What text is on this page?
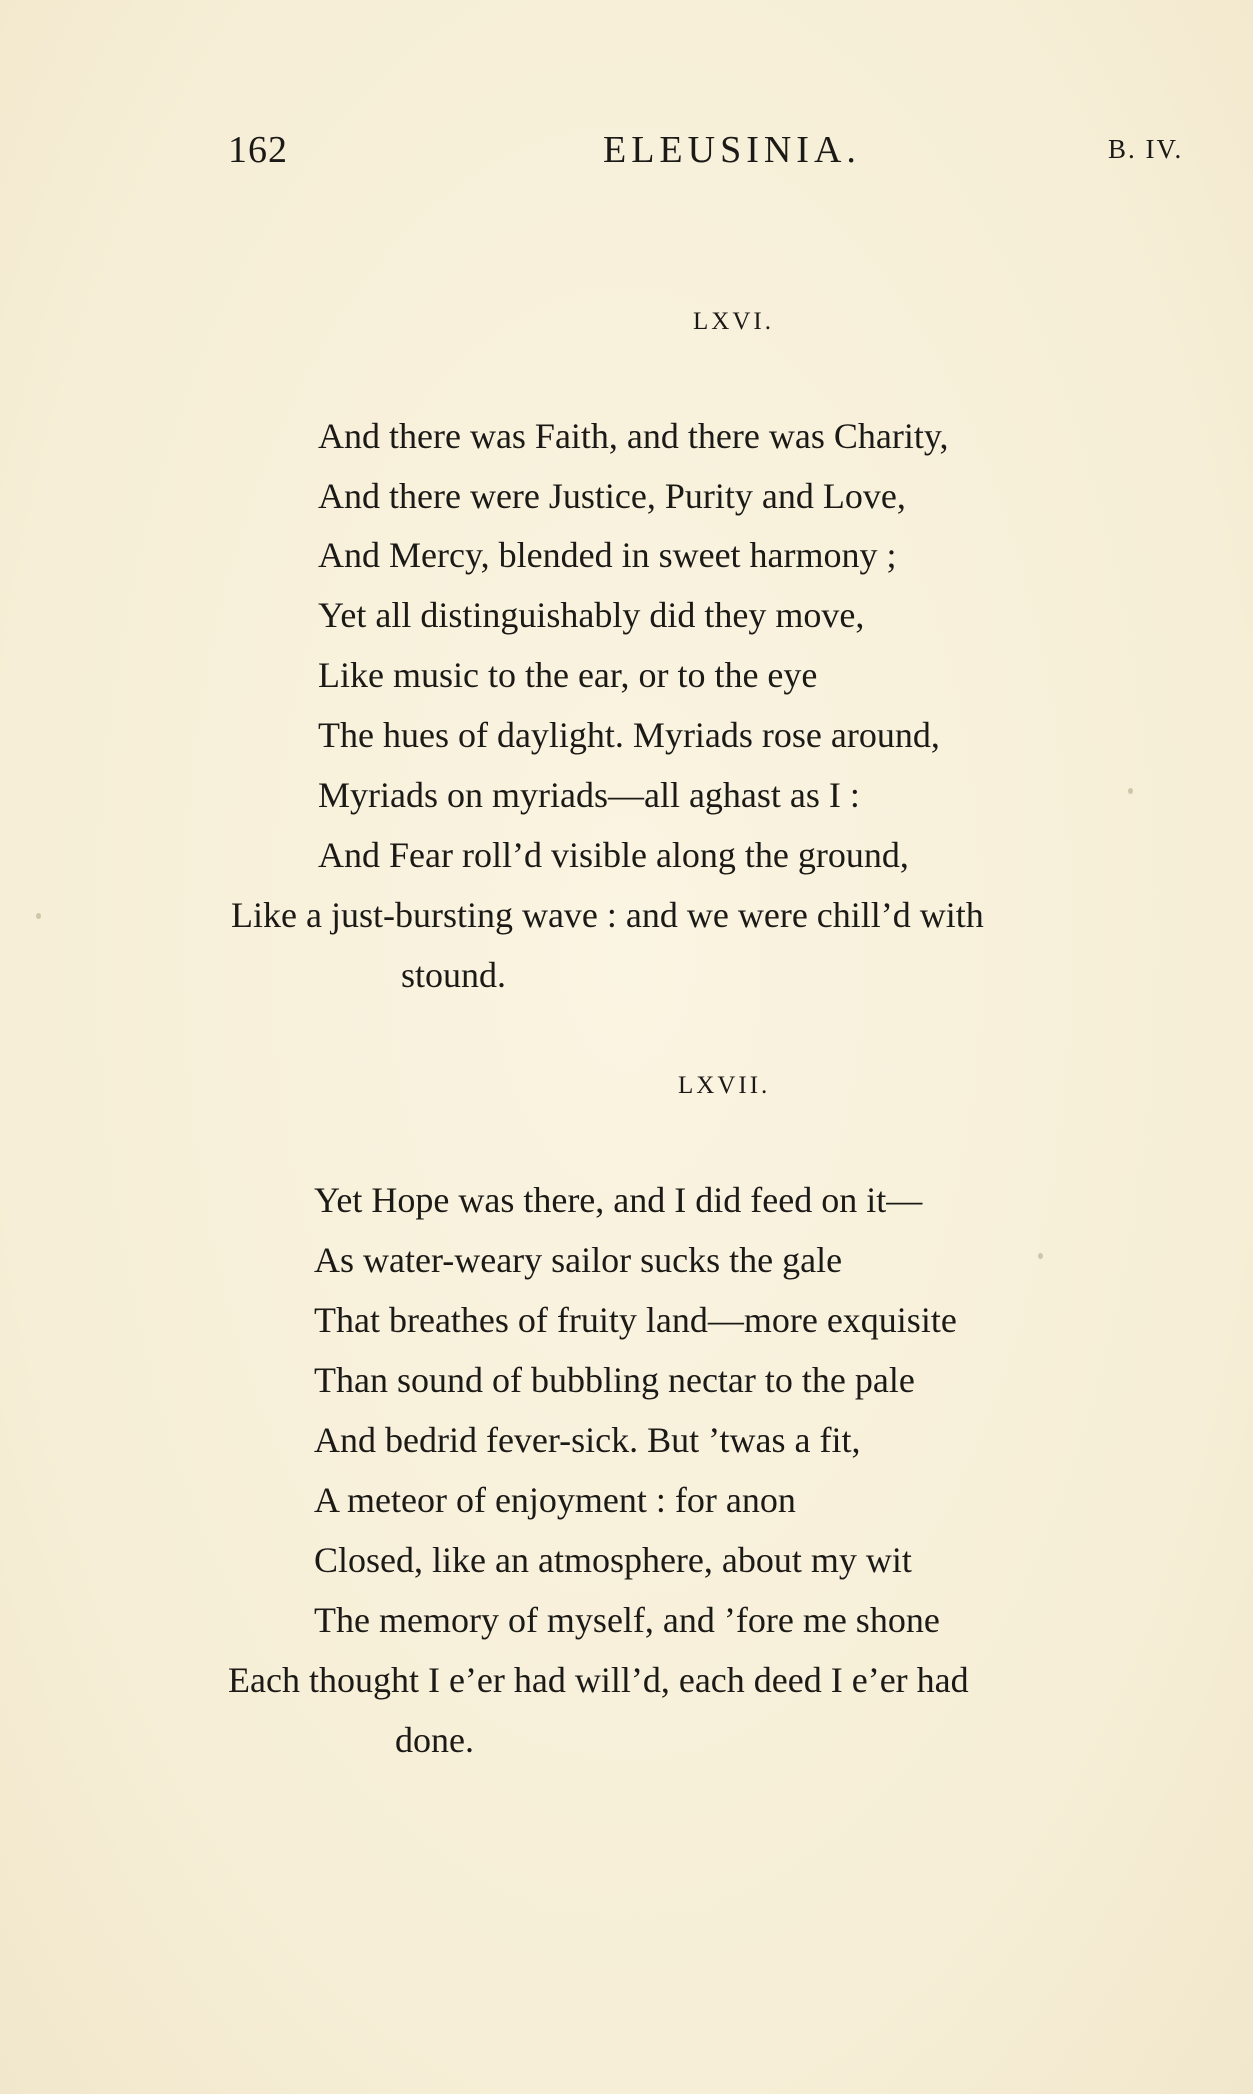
162	ELEUSINIA.	B. IV.
LXVI.
And there was Faith, and there was Charity,
And there were Justice, Purity and Love,
And Mercy, blended in sweet harmony ;
Yet all distinguishably did they move,
Like music to the ear, or to the eye
The hues of daylight. Myriads rose around,
Myriads on myriads—all aghast as I :
And Fear roll’d visible along the ground,
Like a just-bursting wave : and we were chill’d with
stound.
LXVII.
Yet Hope was there, and I did feed on it—
As water-weary sailor sucks the gale
That breathes of fruity land—more exquisite
Than sound of bubbling nectar to the pale
And bedrid fever-sick. But ’twas a fit,
A meteor of enjoyment : for anon
Closed, like an atmosphere, about my wit
The memory of myself, and ’fore me shone
Each thought I e’er had will’d, each deed I e’er had
done.
